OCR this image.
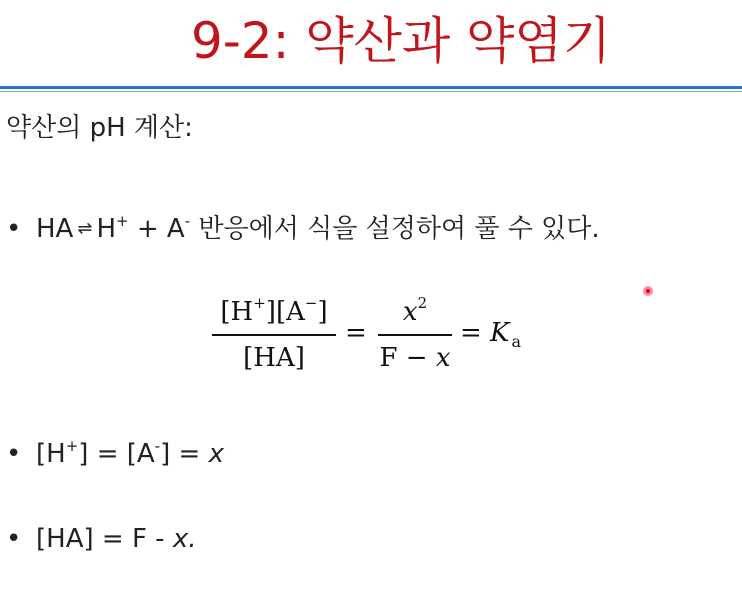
9-2: 약산과 약염기
약산의 pH 계산:
• HA ⇌ H+ + A- 반응에서 식을 설정하여 풀 수 있다.
[H+][A−]
[HA]
=
$x^2$
F − x
= K $_a$
• [H+] = [A-] = x
• [HA] = F - x.
